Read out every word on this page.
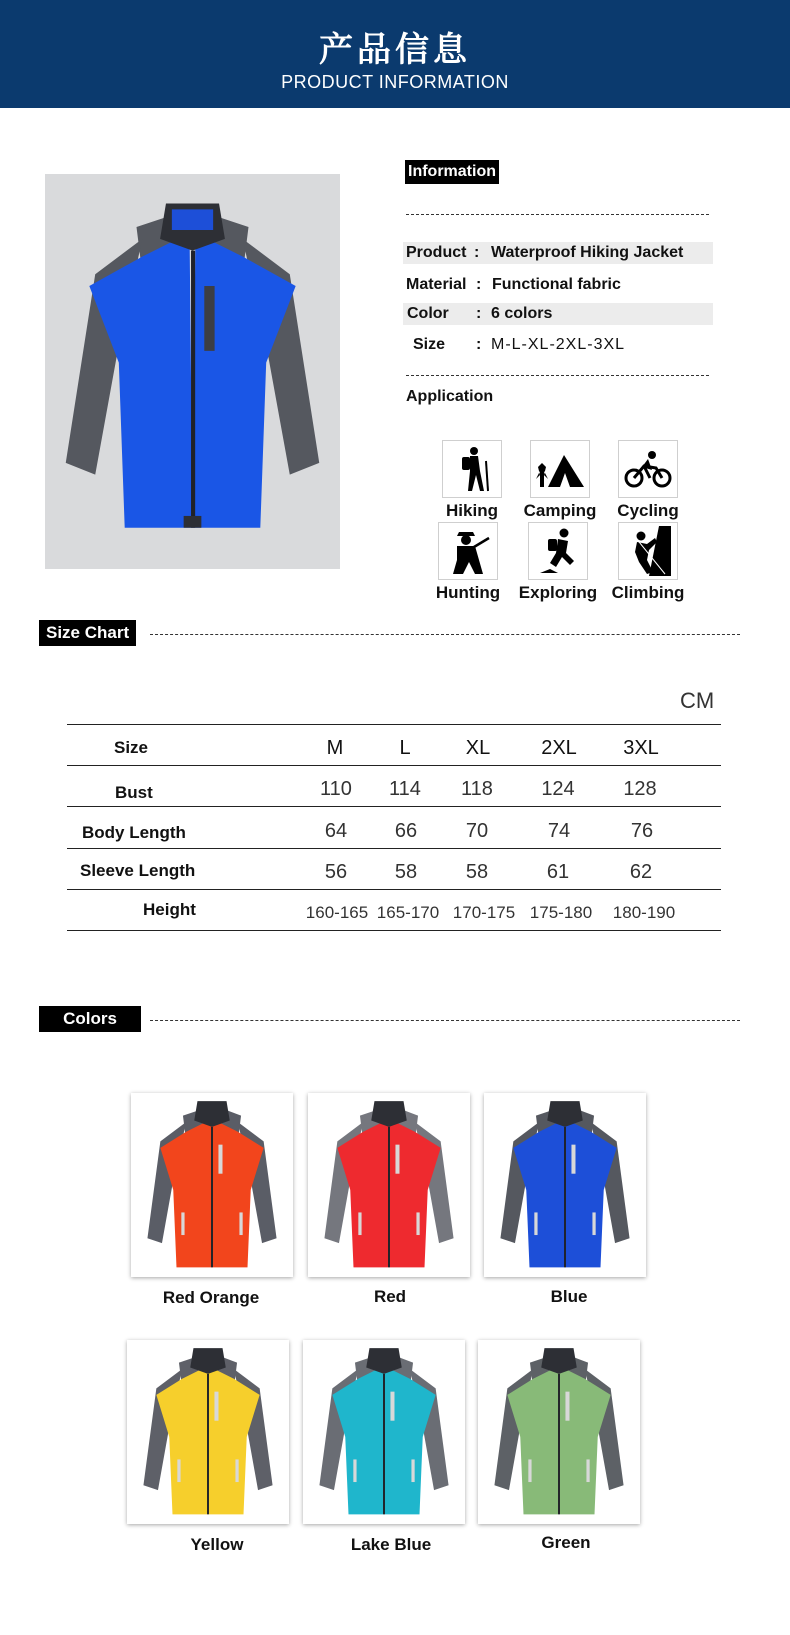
产品信息
PRODUCT INFORMATION
Information
Product : Waterproof Hiking Jacket
Material : Functional fabric
Color : 6 colors
Size : M-L-XL-2XL-3XL
Application
Hiking	Camping	Cycling
Hunting	Exploring Climbing
Size Chart
CM
Size	M	L	XL	2XL	3XL
Bust	110	114	118	124	128
Body Length	64	66	70	74	76
Sleeve Length	56	58	58	61	62
Height	160-165 165-170 170-175 175-180	180-190
Colors
Red Orange	Red	Blue
Yellow	Lake Blue	Green
